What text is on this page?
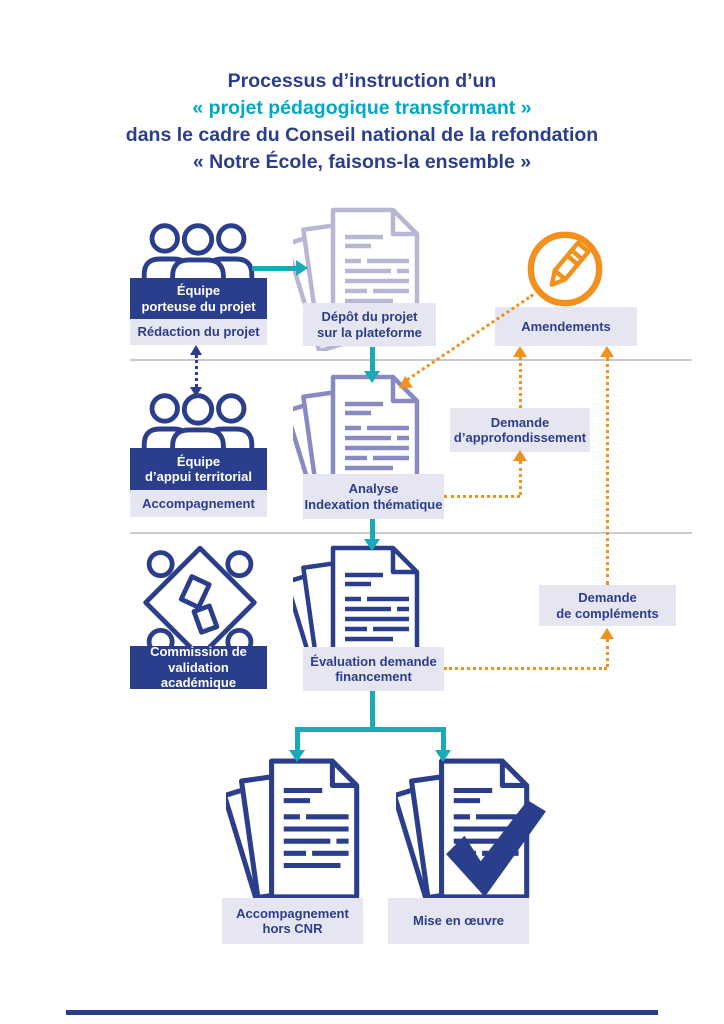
Processus d’instruction d’un
« projet pédagogique transformant »
dans le cadre du Conseil national de la refondation
« Notre École, faisons-la ensemble »
Équipe
porteuse du projet
Rédaction du projet
Dépôt du projet
sur la plateforme	Amendements
Équipe
d’appui territorial
Accompagnement
Analyse
Indexation thématique
Demande
d’approfondissement
Commission de
validation académique
Évaluation demande
financement
Demande
de compléments
Accompagnement
hors CNR
Mise en œuvre
